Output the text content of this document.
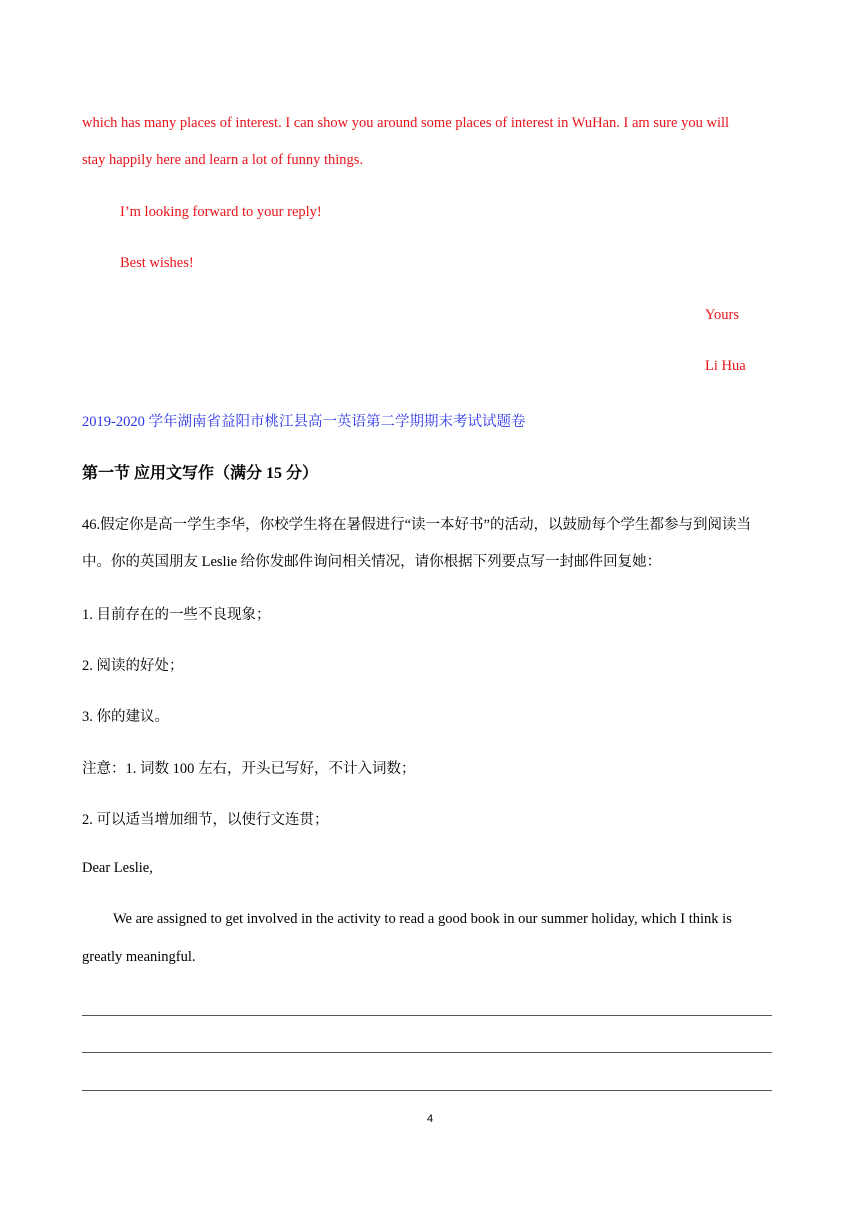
which has many places of interest. I can show you around some places of interest in WuHan. I am sure you will
stay happily here and learn a lot of funny things.
I’m looking forward to your reply!
Best wishes!
Yours
Li Hua
2019-2020 学年湖南省益阳市桃江县高一英语第二学期期末考试试题卷
第一节 应用文写作（满分 15 分）
46.假定你是高一学生李华，你校学生将在暑假进行“读一本好书”的活动，以鼓励每个学生都参与到阅读当
中。你的英国朋友 Leslie 给你发邮件询问相关情况，请你根据下列要点写一封邮件回复她：
1. 目前存在的一些不良现象；
2. 阅读的好处；
3. 你的建议。
注意：1. 词数 100 左右，开头已写好，不计入词数；
2. 可以适当增加细节，以使行文连贯；
Dear Leslie,
We are assigned to get involved in the activity to read a good book in our summer holiday, which I think is
greatly meaningful.
4
